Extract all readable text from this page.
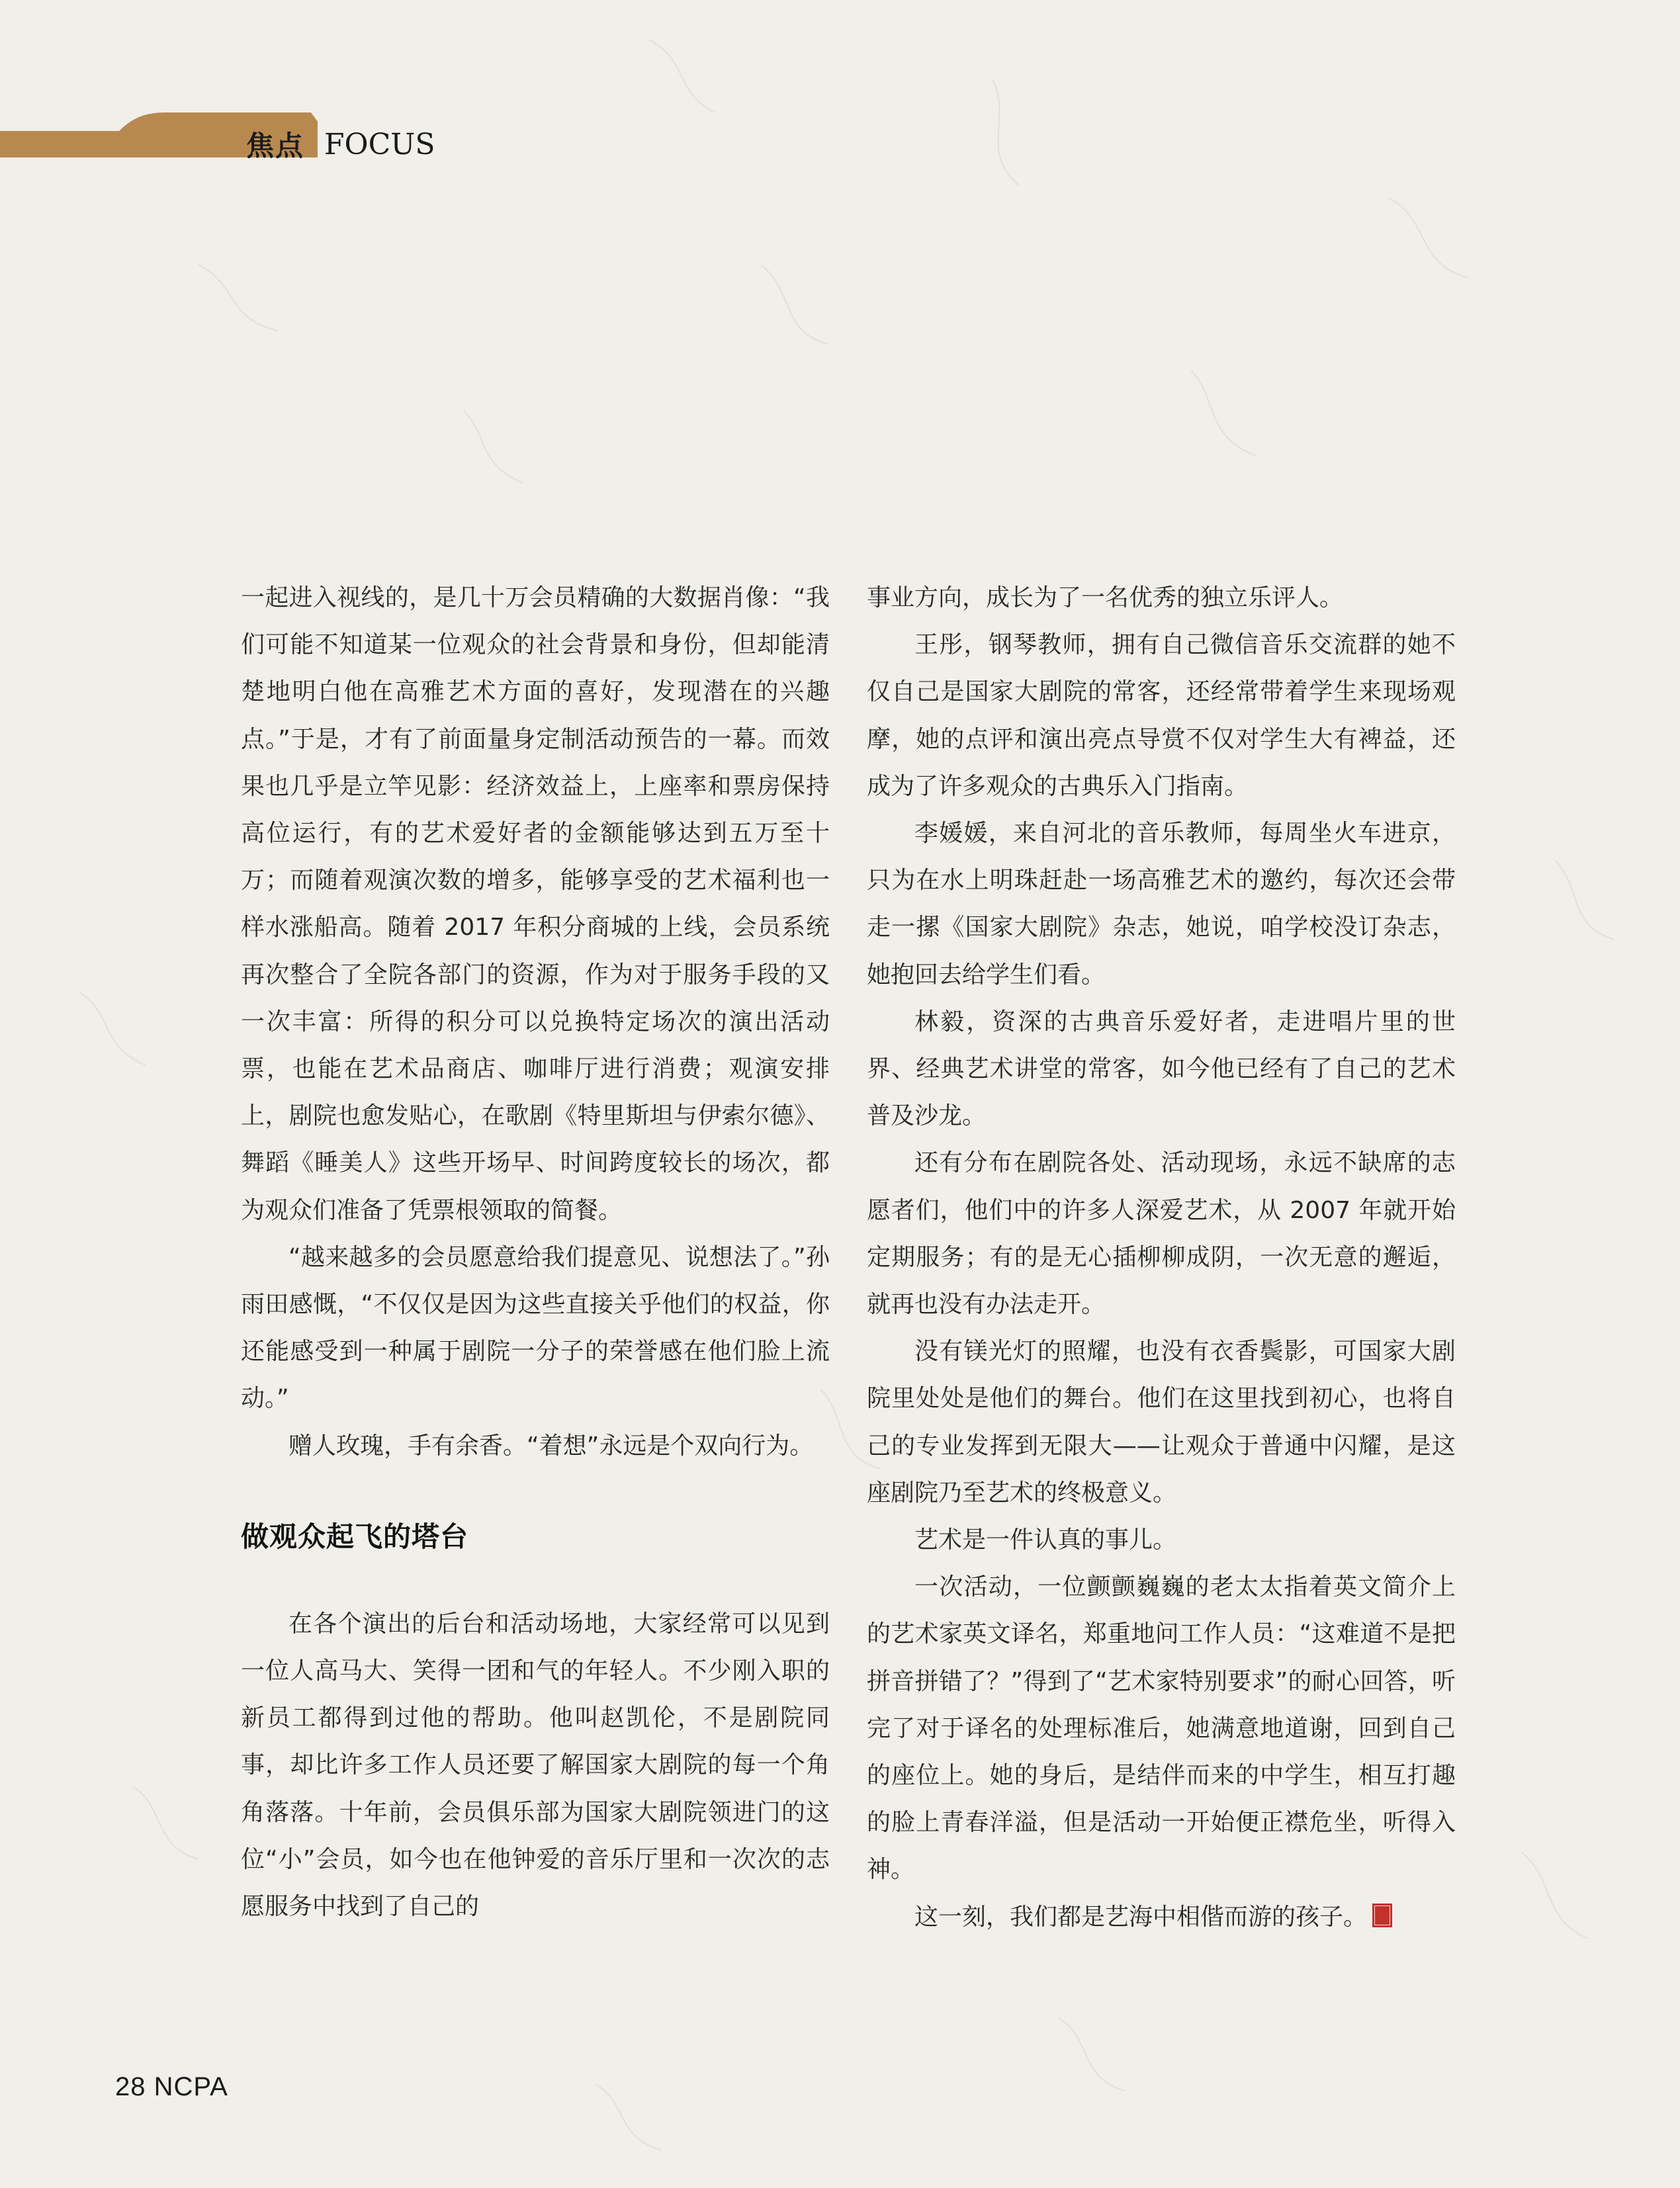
焦点 FOCUS

一起进入视线的，是几十万会员精确的大数据肖像：“我们可能不知道某一位观众的社会背景和身份，但却能清楚地明白他在高雅艺术方面的喜好，发现潜在的兴趣点。”于是，才有了前面量身定制活动预告的一幕。而效果也几乎是立竿见影：经济效益上，上座率和票房保持高位运行，有的艺术爱好者的金额能够达到五万至十万；而随着观演次数的增多，能够享受的艺术福利也一样水涨船高。随着 2017 年积分商城的上线，会员系统再次整合了全院各部门的资源，作为对于服务手段的又一次丰富：所得的积分可以兑换特定场次的演出活动票，也能在艺术品商店、咖啡厅进行消费；观演安排上，剧院也愈发贴心，在歌剧《特里斯坦与伊索尔德》、舞蹈《睡美人》这些开场早、时间跨度较长的场次，都为观众们准备了凭票根领取的简餐。

“越来越多的会员愿意给我们提意见、说想法了。”孙雨田感慨，“不仅仅是因为这些直接关乎他们的权益，你还能感受到一种属于剧院一分子的荣誉感在他们脸上流动。”

赠人玫瑰，手有余香。“着想”永远是个双向行为。

做观众起飞的塔台

在各个演出的后台和活动场地，大家经常可以见到一位人高马大、笑得一团和气的年轻人。不少刚入职的新员工都得到过他的帮助。他叫赵凯伦，不是剧院同事，却比许多工作人员还要了解国家大剧院的每一个角角落落。十年前，会员俱乐部为国家大剧院领进门的这位“小”会员，如今也在他钟爱的音乐厅里和一次次的志愿服务中找到了自己的

事业方向，成长为了一名优秀的独立乐评人。

王彤，钢琴教师，拥有自己微信音乐交流群的她不仅自己是国家大剧院的常客，还经常带着学生来现场观摩，她的点评和演出亮点导赏不仅对学生大有裨益，还成为了许多观众的古典乐入门指南。

李媛媛，来自河北的音乐教师，每周坐火车进京，只为在水上明珠赶赴一场高雅艺术的邀约，每次还会带走一摞《国家大剧院》杂志，她说，咱学校没订杂志，她抱回去给学生们看。

林毅，资深的古典音乐爱好者，走进唱片里的世界、经典艺术讲堂的常客，如今他已经有了自己的艺术普及沙龙。

还有分布在剧院各处、活动现场，永远不缺席的志愿者们，他们中的许多人深爱艺术，从 2007 年就开始定期服务；有的是无心插柳柳成阴，一次无意的邂逅，就再也没有办法走开。

没有镁光灯的照耀，也没有衣香鬓影，可国家大剧院里处处是他们的舞台。他们在这里找到初心，也将自己的专业发挥到无限大——让观众于普通中闪耀，是这座剧院乃至艺术的终极意义。

艺术是一件认真的事儿。

一次活动，一位颤颤巍巍的老太太指着英文简介上的艺术家英文译名，郑重地问工作人员：“这难道不是把拼音拼错了？”得到了“艺术家特别要求”的耐心回答，听完了对于译名的处理标准后，她满意地道谢，回到自己的座位上。她的身后，是结伴而来的中学生，相互打趣的脸上青春洋溢，但是活动一开始便正襟危坐，听得入神。

这一刻，我们都是艺海中相偕而游的孩子。

28 NCPA
